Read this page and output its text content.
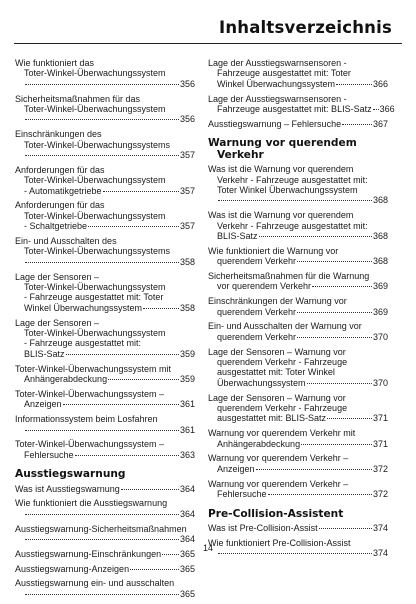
Inhaltsverzeichnis
Wie funktioniert das
Toter-Winkel-Überwachungssystem
356
Sicherheitsmaßnahmen für das
Toter-Winkel-Überwachungssystem
356
Einschränkungen des
Toter-Winkel-Überwachungssystems
357
Anforderungen für das
Toter-Winkel-Überwachungssystem
- Automatikgetriebe	357
Anforderungen für das
Toter-Winkel-Überwachungssystem
- Schaltgetriebe	357
Ein- und Ausschalten des
Toter-Winkel-Überwachungssystems
358
Lage der Sensoren –
Toter-Winkel-Überwachungssystem
- Fahrzeuge ausgestattet mit: Toter
Winkel Überwachungssystem	358
Lage der Sensoren –
Toter-Winkel-Überwachungssystem
- Fahrzeuge ausgestattet mit:
BLIS-Satz	359
Toter-Winkel-Überwachungssystem mit
Anhängerabdeckung	359
Toter-Winkel-Überwachungssystem –
Anzeigen	361
Informationssystem beim Losfahren
361
Toter-Winkel-Überwachungssystem –
Fehlersuche	363
Ausstiegswarnung
Was ist Ausstiegswarnung	364
Wie funktioniert die Ausstiegswarnung
364
Ausstiegswarnung-Sicherheitsmaßnahmen
364
Ausstiegswarnung-Einschränkungen 365
Ausstiegswarnung-Anzeigen	365
Ausstiegswarnung ein- und ausschalten
365
Lage der Ausstiegswarnsensoren -
Fahrzeuge ausgestattet mit: Toter
Winkel Überwachungssystem	366
Lage der Ausstiegswarnsensoren -
Fahrzeuge ausgestattet mit: BLIS-Satz 366
Ausstiegswarnung – Fehlersuche	367
Warnung vor querendem
Verkehr
Was ist die Warnung vor querendem
Verkehr - Fahrzeuge ausgestattet mit:
Toter Winkel Überwachungssystem
368
Was ist die Warnung vor querendem
Verkehr - Fahrzeuge ausgestattet mit:
BLIS-Satz	368
Wie funktioniert die Warnung vor
querendem Verkehr	368
Sicherheitsmaßnahmen für die Warnung
vor querendem Verkehr	369
Einschränkungen der Warnung vor
querendem Verkehr	369
Ein- und Ausschalten der Warnung vor
querendem Verkehr	370
Lage der Sensoren – Warnung vor
querendem Verkehr - Fahrzeuge
ausgestattet mit: Toter Winkel
Überwachungssystem	370
Lage der Sensoren – Warnung vor
querendem Verkehr - Fahrzeuge
ausgestattet mit: BLIS-Satz	371
Warnung vor querendem Verkehr mit
Anhängerabdeckung	371
Warnung vor querendem Verkehr –
Anzeigen	372
Warnung vor querendem Verkehr –
Fehlersuche	372
Pre-Collision-Assistent
Was ist Pre-Collision-Assist	374
Wie funktioniert Pre-Collision-Assist
374
14
